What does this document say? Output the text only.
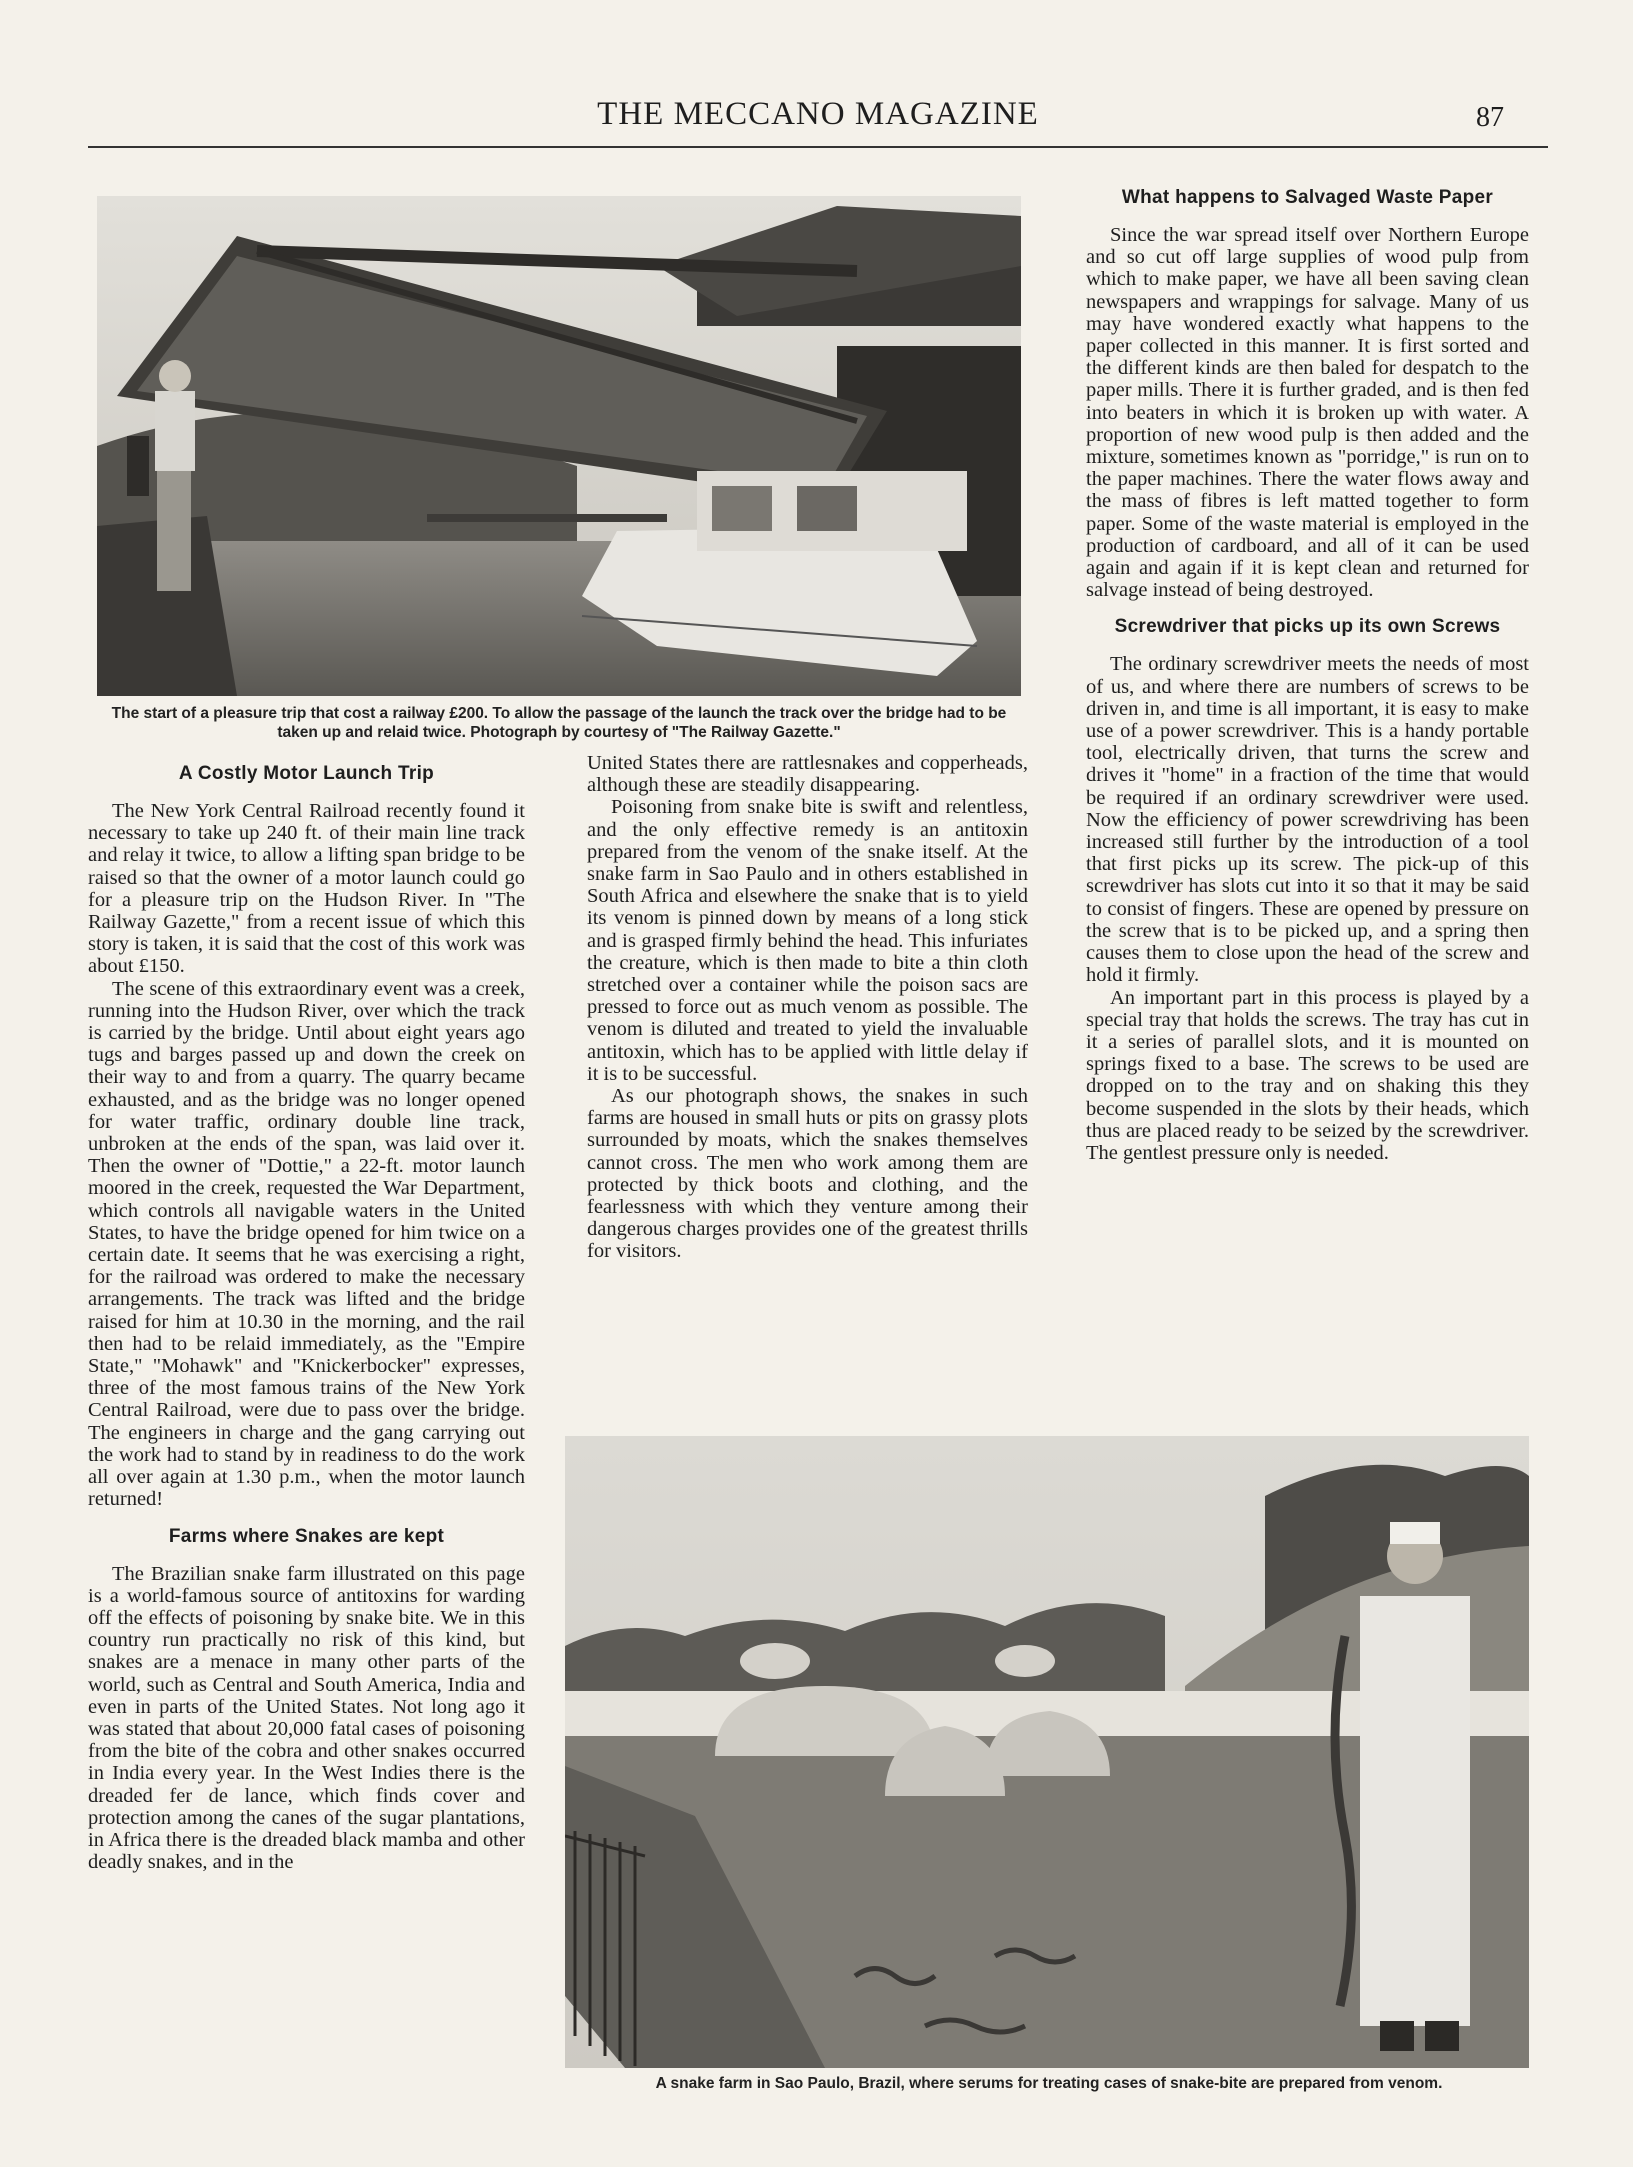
THE MECCANO MAGAZINE	87
The start of a pleasure trip that cost a railway £200. To allow the passage of the launch the track over the bridge had to be taken up and relaid twice. Photograph by courtesy of "The Railway Gazette."
A snake farm in Sao Paulo, Brazil, where serums for treating cases of snake-bite are prepared from venom.
A Costly Motor Launch Trip

The New York Central Railroad recently found it necessary to take up 240 ft. of their main line track and relay it twice, to allow a lifting span bridge to be raised so that the owner of a motor launch could go for a pleasure trip on the Hudson River. In "The Railway Gazette," from a recent issue of which this story is taken, it is said that the cost of this work was about £150.

The scene of this extraordinary event was a creek, running into the Hudson River, over which the track is carried by the bridge. Until about eight years ago tugs and barges passed up and down the creek on their way to and from a quarry. The quarry became exhausted, and as the bridge was no longer opened for water traffic, ordinary double line track, unbroken at the ends of the span, was laid over it. Then the owner of "Dottie," a 22-ft. motor launch moored in the creek, requested the War Department, which controls all navigable waters in the United States, to have the bridge opened for him twice on a certain date. It seems that he was exercising a right, for the railroad was ordered to make the necessary arrangements. The track was lifted and the bridge raised for him at 10.30 in the morning, and the rail then had to be relaid immediately, as the "Empire State," "Mohawk" and "Knickerbocker" expresses, three of the most famous trains of the New York Central Railroad, were due to pass over the bridge. The engineers in charge and the gang carrying out the work had to stand by in readiness to do the work all over again at 1.30 p.m., when the motor launch returned!

Farms where Snakes are kept

The Brazilian snake farm illustrated on this page is a world-famous source of antitoxins for warding off the effects of poisoning by snake bite. We in this country run practically no risk of this kind, but snakes are a menace in many other parts of the world, such as Central and South America, India and even in parts of the United States. Not long ago it was stated that about 20,000 fatal cases of poisoning from the bite of the cobra and other snakes occurred in India every year. In the West Indies there is the dreaded fer de lance, which finds cover and protection among the canes of the sugar plantations, in Africa there is the dreaded black mamba and other deadly snakes, and in the

United States there are rattlesnakes and copperheads, although these are steadily disappearing.

Poisoning from snake bite is swift and relentless, and the only effective remedy is an antitoxin prepared from the venom of the snake itself. At the snake farm in Sao Paulo and in others established in South Africa and elsewhere the snake that is to yield its venom is pinned down by means of a long stick and is grasped firmly behind the head. This infuriates the creature, which is then made to bite a thin cloth stretched over a container while the poison sacs are pressed to force out as much venom as possible. The venom is diluted and treated to yield the invaluable antitoxin, which has to be applied with little delay if it is to be successful.

As our photograph shows, the snakes in such farms are housed in small huts or pits on grassy plots surrounded by moats, which the snakes themselves cannot cross. The men who work among them are protected by thick boots and clothing, and the fearlessness with which they venture among their dangerous charges provides one of the greatest thrills for visitors.

What happens to Salvaged Waste Paper

Since the war spread itself over Northern Europe and so cut off large supplies of wood pulp from which to make paper, we have all been saving clean newspapers and wrappings for salvage. Many of us may have wondered exactly what happens to the paper collected in this manner. It is first sorted and the different kinds are then baled for despatch to the paper mills. There it is further graded, and is then fed into beaters in which it is broken up with water. A proportion of new wood pulp is then added and the mixture, sometimes known as "porridge," is run on to the paper machines. There the water flows away and the mass of fibres is left matted together to form paper. Some of the waste material is employed in the production of cardboard, and all of it can be used again and again if it is kept clean and returned for salvage instead of being destroyed.

Screwdriver that picks up its own Screws

The ordinary screwdriver meets the needs of most of us, and where there are numbers of screws to be driven in, and time is all important, it is easy to make use of a power screwdriver. This is a handy portable tool, electrically driven, that turns the screw and drives it "home" in a fraction of the time that would be required if an ordinary screwdriver were used. Now the efficiency of power screwdriving has been increased still further by the introduction of a tool that first picks up its screw. The pick-up of this screwdriver has slots cut into it so that it may be said to consist of fingers. These are opened by pressure on the screw that is to be picked up, and a spring then causes them to close upon the head of the screw and hold it firmly.

An important part in this process is played by a special tray that holds the screws. The tray has cut in it a series of parallel slots, and it is mounted on springs fixed to a base. The screws to be used are dropped on to the tray and on shaking this they become suspended in the slots by their heads, which thus are placed ready to be seized by the screwdriver. The gentlest pressure only is needed.
